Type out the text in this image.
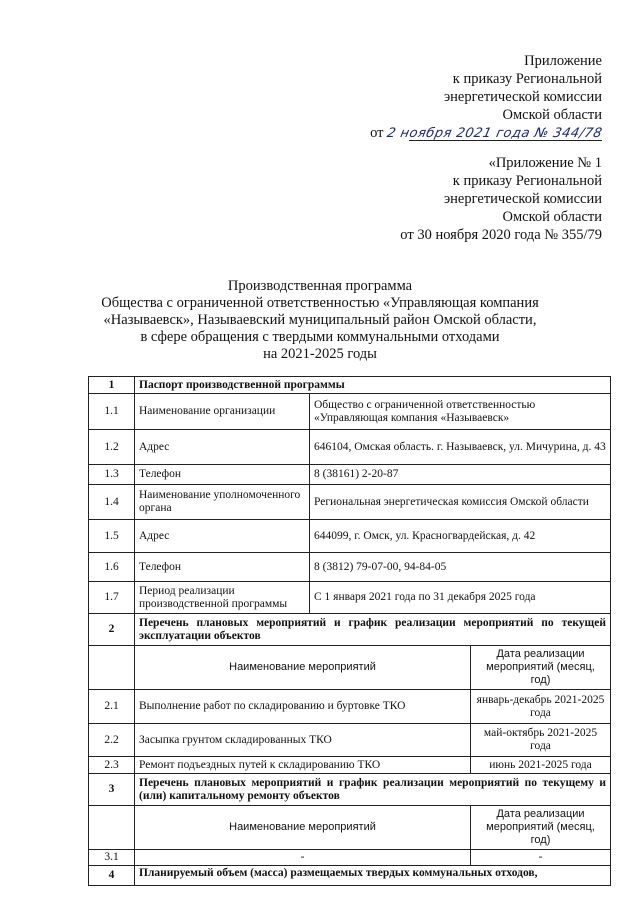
Приложение
к приказу Региональной
энергетической комиссии
Омской области
от 2 ноября 2021 года № 344/78
«Приложение № 1
к приказу Региональной
энергетической комиссии
Омской области
от 30 ноября 2020 года № 355/79
Производственная программа
Общества с ограниченной ответственностью «Управляющая компания
«Называевск», Называевский муниципальный район Омской области,
в сфере обращения с твердыми коммунальными отходами
на 2021-2025 годы
1	Паспорт производственной программы		
1.1	Наименование организации	Общество с ограниченной ответственностью «Управляющая компания «Называевск»	
1.2	Адрес	646104, Омская область. г. Называевск, ул. Мичурина, д. 43	
1.3	Телефон	8 (38161) 2-20-87	
1.4	Наименование уполномоченного органа	Региональная энергетическая комиссия Омской области	
1.5	Адрес	644099, г. Омск, ул. Красногвардейская, д. 42	
1.6	Телефон	8 (3812) 79-07-00, 94-84-05	
1.7	Период реализации производственной программы	С 1 января 2021 года по 31 декабря 2025 года	
2	Перечень плановых мероприятий и график реализации мероприятий по текущей эксплуатации объектов		
	Наименование мероприятий		Дата реализации мероприятий (месяц, год)
2.1	Выполнение работ по складированию и буртовке ТКО		январь-декабрь 2021-2025 года
2.2	Засыпка грунтом складированных ТКО		май-октябрь 2021-2025 года
2.3	Ремонт подъездных путей к складированию ТКО		июнь 2021-2025 года
3	Перечень плановых мероприятий и график реализации мероприятий по текущему и (или) капитальному ремонту объектов		
	Наименование мероприятий		Дата реализации мероприятий (месяц, год)
3.1	-		-
4	Планируемый объем (масса) размещаемых твердых коммунальных отходов,		
